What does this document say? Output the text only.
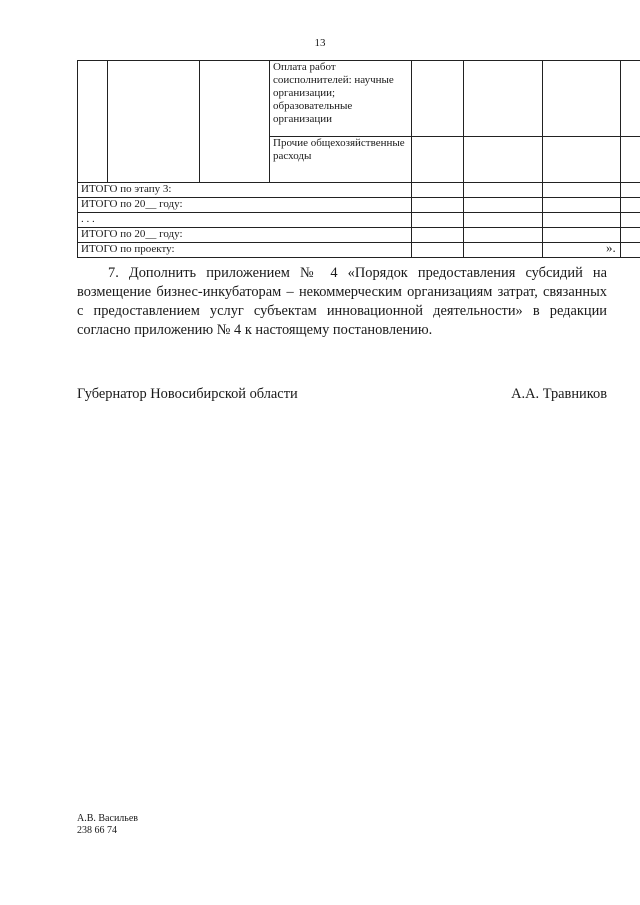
13
			Оплата работ соисполнителей: научные организации; образовательные организации				
			Прочие общехозяйственные расходы				
ИТОГО по этапу 3:							
ИТОГО по 20__ году:							
. . .							
ИТОГО по 20__ году:							
ИТОГО по проекту:								».
7. Дополнить приложением № 4 «Порядок предоставления субсидий на возмещение бизнес-инкубаторам – некоммерческим организациям затрат, связанных с предоставлением услуг субъектам инновационной деятельности» в редакции согласно приложению № 4 к настоящему постановлению.
Губернатор Новосибирской области	А.А. Травников
А.В. Васильев
238 66 74
